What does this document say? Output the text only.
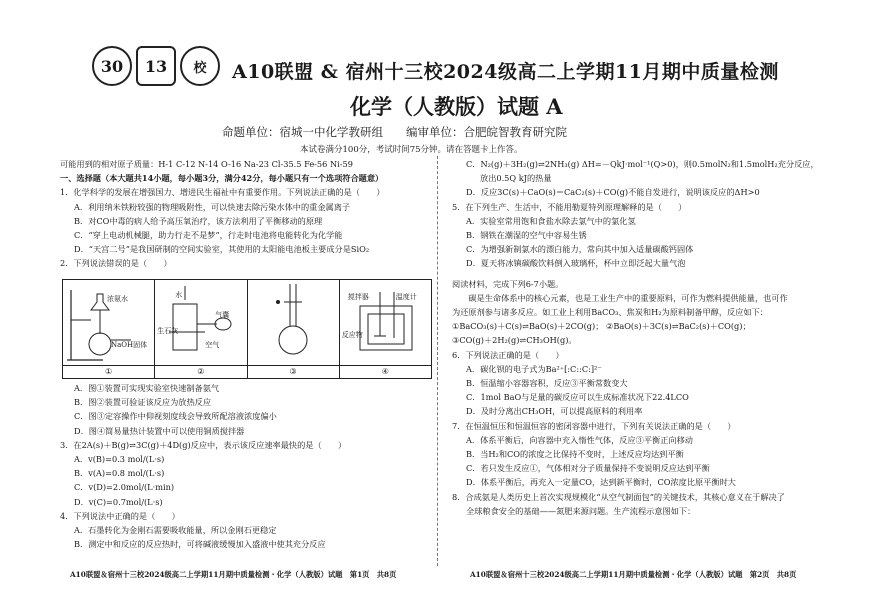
30 13 校 A10联盟 & 宿州十三校2024级高二上学期11月期中质量检测
化学（人教版）试题 A
命题单位：宿城一中化学教研组　　编审单位：合肥皖智教育研究院
本试卷满分100分，考试时间75分钟。请在答题卡上作答。
可能用到的相对原子质量：H-1 C-12 N-14 O-16 Na-23 Cl-35.5 Fe-56 Ni-59
一、选择题（本大题共14小题，每小题3分，满分42分，每小题只有一个选项符合题意）
1．化学科学的发展在增强国力、增进民生福祉中有重要作用。下列说法正确的是（　　）
A．利用纳米铁粉较强的物理吸附性，可以快速去除污染水体中的重金属离子
B．对CO中毒的病人给予高压氧治疗，该方法利用了平衡移动的原理
C．“穿上电动机械腿，助力行走不是梦”，行走时电池将电能转化为化学能
D．“天宫二号”是我国研制的空间实验室，其使用的太阳能电池板主要成分是SiO₂
2．下列说法错误的是（　　）
浓氨水
NaOH固体
①
水
生石灰
气囊
空气
②	③
搅拌器	温度计
反应物
④
A．图①装置可实现实验室快速制备氨气
B．图②装置可验证该反应为放热反应
C．图③定容操作中仰视刻度线会导致所配溶液浓度偏小
D．图④简易量热计装置中可以使用铜质搅拌器
3．在2A(s)＋B(g)⇌3C(g)＋4D(g)反应中，表示该反应速率最快的是（　　）
A．v(B)=0.3 mol/(L·s)
B．v(A)=0.8 mol/(L·s)
C．v(D)=2.0mol/(L·min)
D．v(C)=0.7mol/(L·s)
4．下列说法中正确的是（　　）
A．石墨转化为金刚石需要吸收能量，所以金刚石更稳定
B．测定中和反应的反应热时，可将碱液缓慢加入盛液中使其充分反应
A10联盟＆宿州十三校2024级高二上学期11月期中质量检测・化学（人教版）试题　第1页　共8页
C．N₂(g)＋3H₂(g)⇌2NH₃(g) ΔH=－QkJ·mol⁻¹(Q>0)，则0.5molN₂和1.5molH₂充分反应，
放出0.5Q kJ的热量
D．反应3C(s)＋CaO(s)＝CaC₂(s)＋CO(g)不能自发进行，说明该反应的ΔH>0
5．在下列生产、生活中，不能用勒夏特列原理解释的是（　　）
A．实验室常用饱和食盐水除去氯气中的氯化氢
B．钢铁在潮湿的空气中容易生锈
C．为增强新制氯水的漂白能力，常向其中加入适量碳酸钙固体
D．夏天将冰镇碳酸饮料倒入玻璃杯，杯中立即泛起大量气泡
阅读材料，完成下列6-7小题。
　　碳是生命体系中的核心元素，也是工业生产中的重要原料，可作为燃料提供能量，也可作
为还原剂参与诸多反应。如工业上利用BaCO₃、焦炭和H₂为原料制备甲醇，反应如下：
①BaCO₃(s)＋C(s)⇌BaO(s)＋2CO(g)； ②BaO(s)＋3C(s)⇌BaC₂(s)＋CO(g)；
③CO(g)＋2H₂(g)⇌CH₃OH(g)。
6．下列说法正确的是（　　）
A．碳化钡的电子式为Ba²⁺[:C::C:]²⁻
B．恒温缩小容器容积，反应③平衡常数变大
C．1mol BaO与足量的碳反应可以生成标准状况下22.4LCO
D．及时分离出CH₃OH，可以提高原料的利用率
7．在恒温恒压和恒温恒容的密闭容器中进行，下列有关说法正确的是（　　）
A．体系平衡后，向容器中充入惰性气体，反应③平衡正向移动
B．当H₂和CO的浓度之比保持不变时，上述反应均达到平衡
C．若只发生反应①，气体相对分子质量保持不变说明反应达到平衡
D．体系平衡后，再充入一定量CO，达到新平衡时，CO浓度比原平衡时大
8．合成氨是人类历史上首次实现规模化“从空气制面包”的关键技术，其核心意义在于解决了
全球粮食安全的基础——氮肥来源问题。生产流程示意图如下：
A10联盟＆宿州十三校2024级高二上学期11月期中质量检测・化学（人教版）试题　第2页　共8页
